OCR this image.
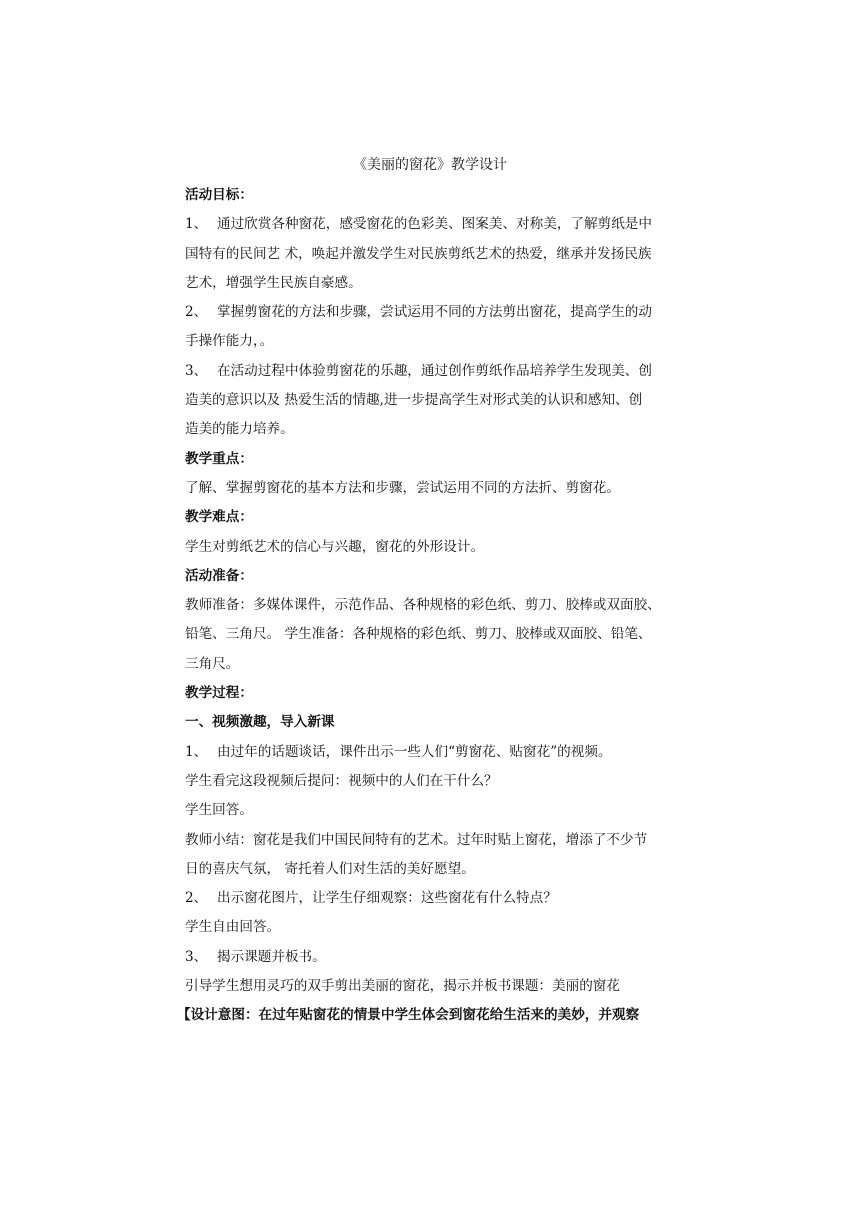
《美丽的窗花》教学设计

活动目标：

1、 通过欣赏各种窗花，感受窗花的色彩美、图案美、对称美，了解剪纸是中

国特有的民间艺 术，唤起并激发学生对民族剪纸艺术的热爱，继承并发扬民族

艺术，增强学生民族自豪感。

2、 掌握剪窗花的方法和步骤，尝试运用不同的方法剪出窗花，提高学生的动

手操作能力，。

3、 在活动过程中体验剪窗花的乐趣，通过创作剪纸作品培养学生发现美、创

造美的意识以及 热爱生活的情趣,进一步提高学生对形式美的认识和感知、创

造美的能力培养。

教学重点：

了解、掌握剪窗花的基本方法和步骤，尝试运用不同的方法折、剪窗花。

教学难点：

学生对剪纸艺术的信心与兴趣，窗花的外形设计。

活动准备：

教师准备：多媒体课件，示范作品、各种规格的彩色纸、剪刀、胶棒或双面胶、

铅笔、三角尺。 学生准备：各种规格的彩色纸、剪刀、胶棒或双面胶、铅笔、

三角尺。

教学过程：

一、视频激趣，导入新课

1、 由过年的话题谈话，课件出示一些人们“剪窗花、贴窗花”的视频。

学生看完这段视频后提问：视频中的人们在干什么？

学生回答。

教师小结：窗花是我们中国民间特有的艺术。过年时贴上窗花，增添了不少节

日的喜庆气氛， 寄托着人们对生活的美好愿望。

2、 出示窗花图片，让学生仔细观察：这些窗花有什么特点？

学生自由回答。

3、 揭示课题并板书。

引导学生想用灵巧的双手剪出美丽的窗花，揭示并板书课题：美丽的窗花

【设计意图：在过年贴窗花的情景中学生体会到窗花给生活来的美妙，并观察
